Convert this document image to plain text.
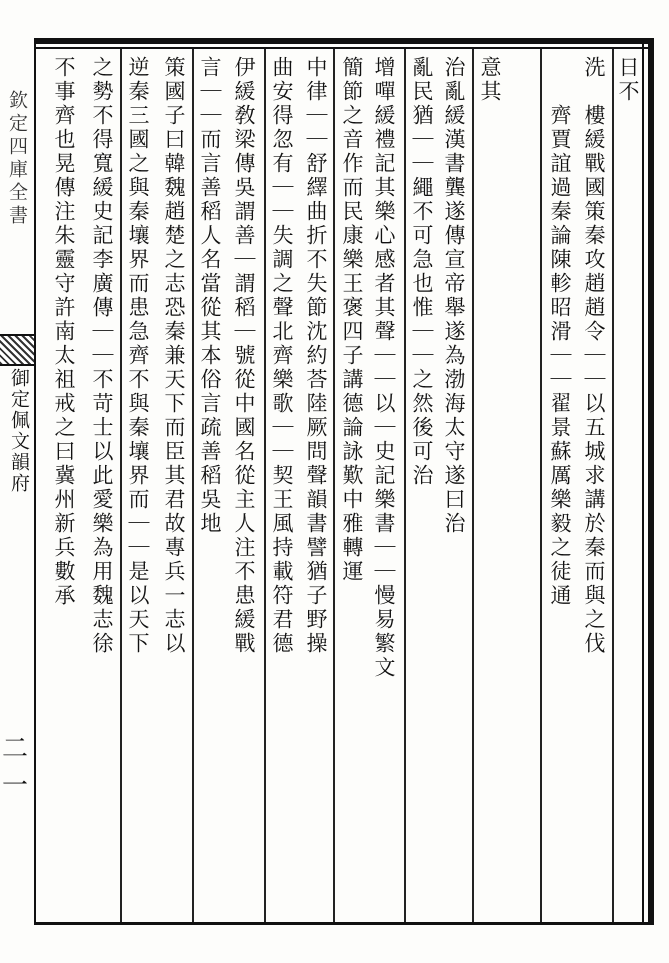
欽定四庫全書
御定佩文韻府
二一
日不
洗　樓緩戰國策秦攻趙趙令｜｜以五城求講於秦而與之伐
　　齊賈誼過秦論陳軫昭滑｜｜翟景蘇厲樂毅之徒通
意其
治亂緩漢書龔遂傳宣帝舉遂為渤海太守遂曰治
亂民猶｜｜繩不可急也惟｜｜之然後可治
增嘽緩禮記其樂心感者其聲｜｜以｜史記樂書｜｜慢易繁文
簡節之音作而民康樂王褒四子講德論詠歎中雅轉運
中律｜｜舒繹曲折不失節沈約荅陸厥問聲韻書譬猶子野操
曲安得忽有｜｜失調之聲北齊樂歌｜｜契王風持載符君德
伊緩敎梁傳吳謂善｜謂稻｜號從中國名從主人注不患緩戰
言｜｜而言善稻人名當從其本俗言疏善稻吳地
策國子曰韓魏趙楚之志恐秦兼天下而臣其君故專兵一志以
逆秦三國之與秦壤界而患急齊不與秦壤界而｜｜是以天下
之勢不得寬緩史記李廣傳｜｜不苛士以此愛樂為用魏志徐
不事齊也晃傳注朱靈守許南太祖戒之曰冀州新兵數承
